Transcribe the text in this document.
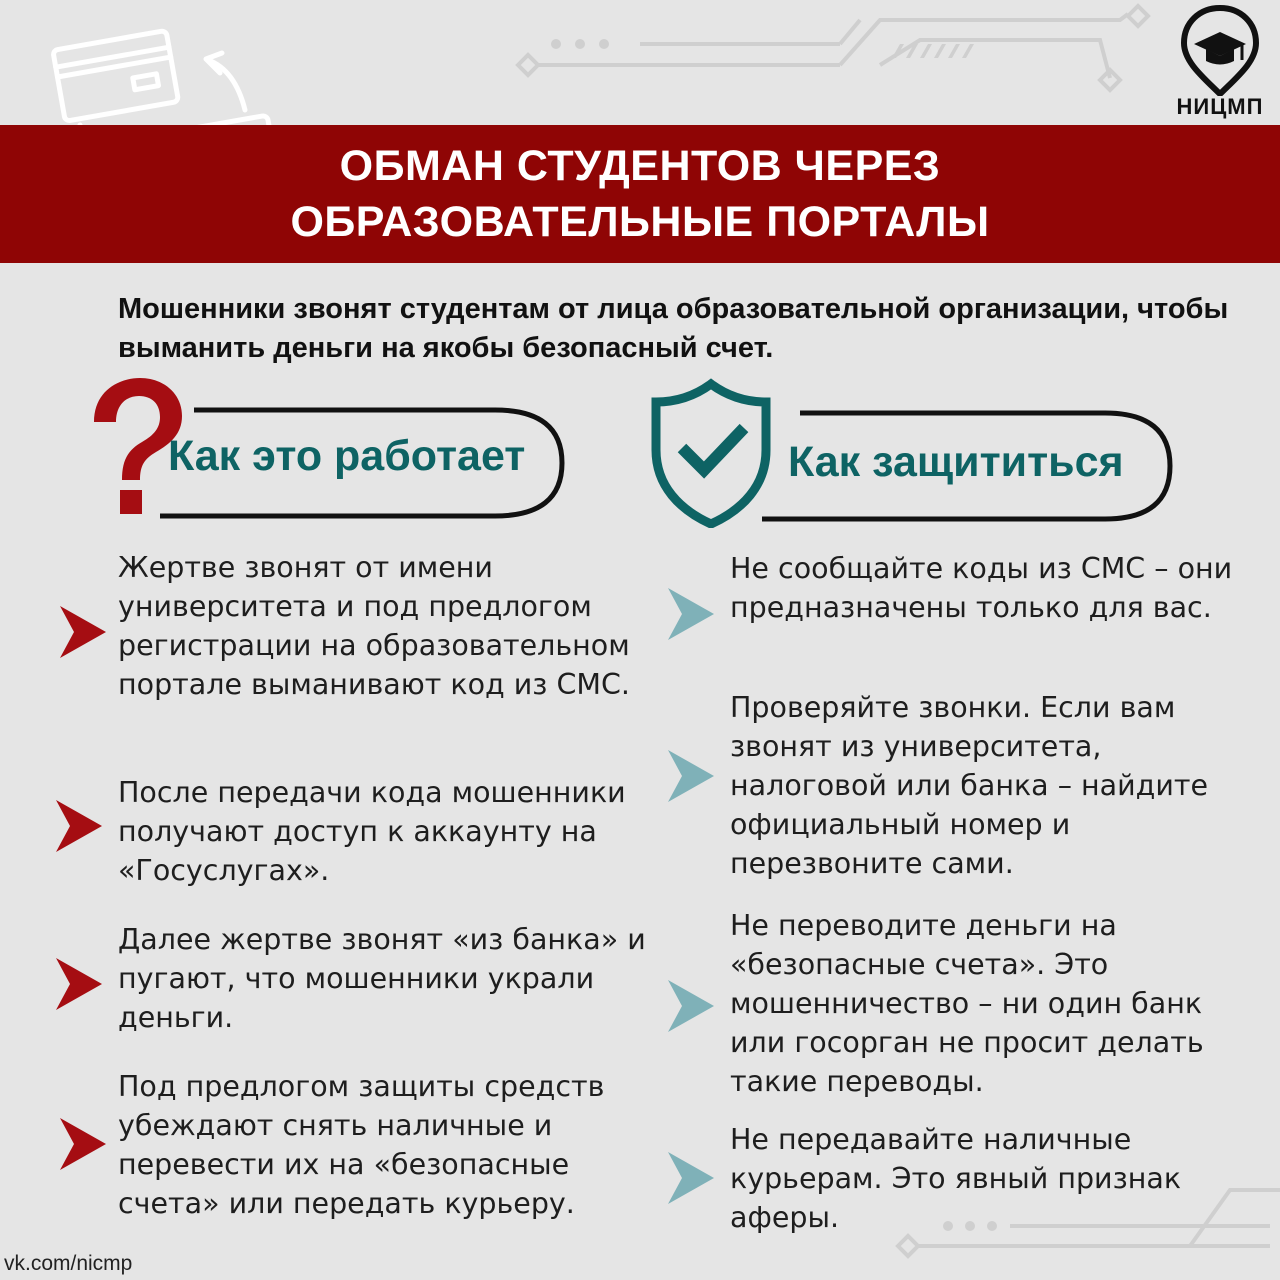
НИЦМП
ОБМАН СТУДЕНТОВ ЧЕРЕЗ
ОБРАЗОВАТЕЛЬНЫЕ ПОРТАЛЫ
Мошенники звонят студентам от лица образовательной организации, чтобы выманить деньги на якобы безопасный счет.
Как это работает	Как защититься
Жертве звонят от имени университета и под предлогом регистрации на образовательном портале выманивают код из СМС.
После передачи кода мошенники получают доступ к аккаунту на «Госуслугах».
Далее жертве звонят «из банка» и пугают, что мошенники украли деньги.
Под предлогом защиты средств убеждают снять наличные и перевести их на «безопасные счета» или передать курьеру.
Не сообщайте коды из СМС – они предназначены только для вас.
Проверяйте звонки. Если вам звонят из университета, налоговой или банка – найдите официальный номер и перезвоните сами.
Не переводите деньги на «безопасные счета». Это мошенничество – ни один банк или госорган не просит делать такие переводы.
Не передавайте наличные курьерам. Это явный признак аферы.
vk.com/nicmp
